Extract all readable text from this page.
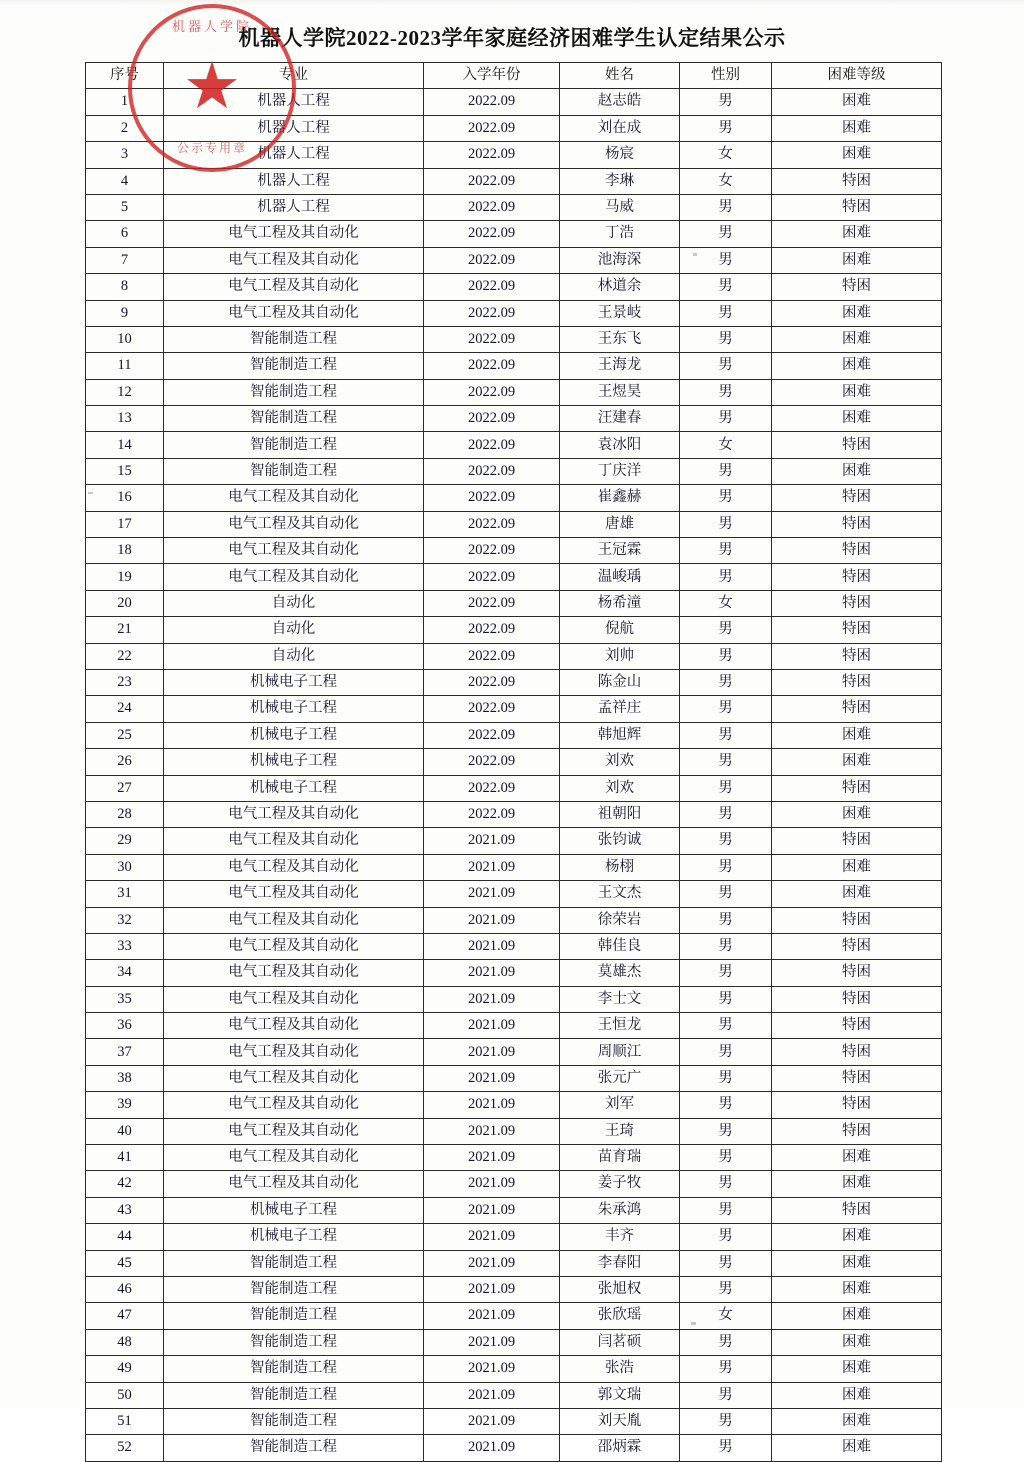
机器人学院2022-2023学年家庭经济困难学生认定结果公示
序号	专业	入学年份	姓名	性别	困难等级
1	机器人工程	2022.09	赵志皓	男	困难
2	机器人工程	2022.09	刘在成	男	困难
3	机器人工程	2022.09	杨宸	女	困难
4	机器人工程	2022.09	李琳	女	特困
5	机器人工程	2022.09	马威	男	特困
6	电气工程及其自动化	2022.09	丁浩	男	困难
7	电气工程及其自动化	2022.09	池海深	男	困难
8	电气工程及其自动化	2022.09	林道余	男	特困
9	电气工程及其自动化	2022.09	王景岐	男	困难
10	智能制造工程	2022.09	王东飞	男	困难
11	智能制造工程	2022.09	王海龙	男	困难
12	智能制造工程	2022.09	王煜昊	男	困难
13	智能制造工程	2022.09	汪建春	男	困难
14	智能制造工程	2022.09	袁冰阳	女	特困
15	智能制造工程	2022.09	丁庆洋	男	困难
16	电气工程及其自动化	2022.09	崔鑫赫	男	特困
17	电气工程及其自动化	2022.09	唐雄	男	特困
18	电气工程及其自动化	2022.09	王冠霖	男	特困
19	电气工程及其自动化	2022.09	温峻瑀	男	特困
20	自动化	2022.09	杨希潼	女	特困
21	自动化	2022.09	倪航	男	特困
22	自动化	2022.09	刘帅	男	特困
23	机械电子工程	2022.09	陈金山	男	特困
24	机械电子工程	2022.09	孟祥庄	男	特困
25	机械电子工程	2022.09	韩旭辉	男	困难
26	机械电子工程	2022.09	刘欢	男	困难
27	机械电子工程	2022.09	刘欢	男	特困
28	电气工程及其自动化	2022.09	祖朝阳	男	困难
29	电气工程及其自动化	2021.09	张钧诚	男	特困
30	电气工程及其自动化	2021.09	杨栩	男	困难
31	电气工程及其自动化	2021.09	王文杰	男	困难
32	电气工程及其自动化	2021.09	徐荣岩	男	特困
33	电气工程及其自动化	2021.09	韩佳良	男	特困
34	电气工程及其自动化	2021.09	莫雄杰	男	特困
35	电气工程及其自动化	2021.09	李士文	男	特困
36	电气工程及其自动化	2021.09	王恒龙	男	特困
37	电气工程及其自动化	2021.09	周顺江	男	特困
38	电气工程及其自动化	2021.09	张元广	男	特困
39	电气工程及其自动化	2021.09	刘军	男	特困
40	电气工程及其自动化	2021.09	王琦	男	特困
41	电气工程及其自动化	2021.09	苗育瑞	男	困难
42	电气工程及其自动化	2021.09	姜子牧	男	困难
43	机械电子工程	2021.09	朱承鸿	男	特困
44	机械电子工程	2021.09	丰齐	男	困难
45	智能制造工程	2021.09	李春阳	男	困难
46	智能制造工程	2021.09	张旭权	男	困难
47	智能制造工程	2021.09	张欣瑶	女	困难
48	智能制造工程	2021.09	闫茗硕	男	困难
49	智能制造工程	2021.09	张浩	男	困难
50	智能制造工程	2021.09	郭文瑞	男	困难
51	智能制造工程	2021.09	刘天胤	男	困难
52	智能制造工程	2021.09	邵炳霖	男	困难
机器人学院
公示专用章
